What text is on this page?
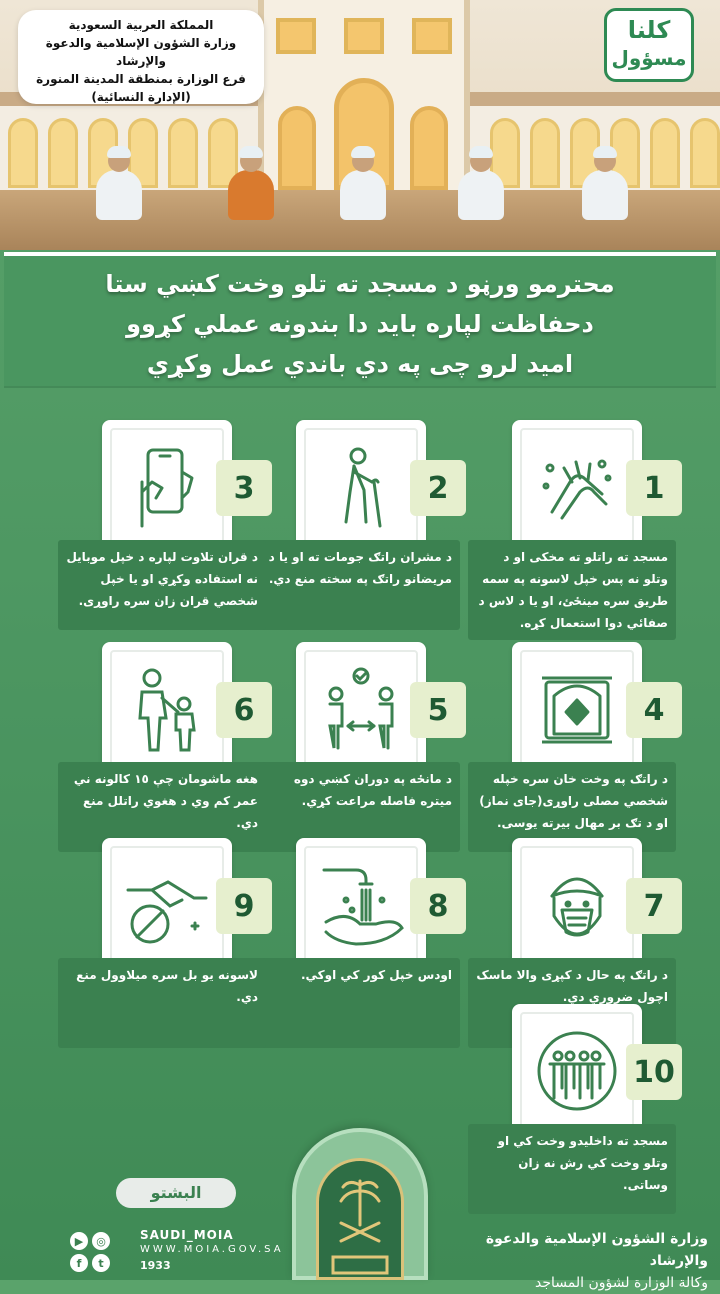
المملكة العربية السعودية
وزارة الشؤون الإسلامية والدعوة والإرشاد
فرع الوزارة بمنطقة المدينة المنورة
(الإدارة النسائية)
كلنا
مسؤول
محترمو ورڼو د مسجد ته تلو وخت کښي ستا
دحفاظت لپاره باید دا بندونه عملي کړوو
امید لرو چی په دي باندي عمل وکړي
1
مسجد ته راتلو ته مخکی او د وتلو نه پس خپل لاسونه په سمه طریق سره مینځئ، او یا د لاس د صفائي دوا استعمال کړه.
2
د مشران راتګ جومات ته او یا د مریضانو راتګ په سخته منع دي.
3
د قران تلاوت لپاره د خپل موبایل نه استفاده وکړي او یا خپل شخصي قران زان سره راوړی.
4
د راتګ په وخت خان سره خپله شخصي مصلی راوړی(جای نماز) او د تګ بر مهال بیرته یوسی.
5
د مانځه په دوران کښي دوه میتره فاصله مراعت کړي.
6
هغه ماشومان چې ١٥ کالونه ني عمر کم وي د هغوي راتلل منع دي.
7
د راتګ په حال د کپړی والا ماسک اچول ضروري دي.
8
اودس خپل کور کي اوکي.
9
لاسونه یو بل سره میلاوول منع دي.
10
مسجد ته داخلیدو وخت کي او وتلو وخت کي رش نه زان وساتی.
البشتو
▶	◎
f	t
SAUDI_MOIA
WWW.MOIA.GOV.SA
1933
وزارة الشؤون الإسلامية والدعوة والإرشاد
وكالة الوزارة لشؤون المساجد
